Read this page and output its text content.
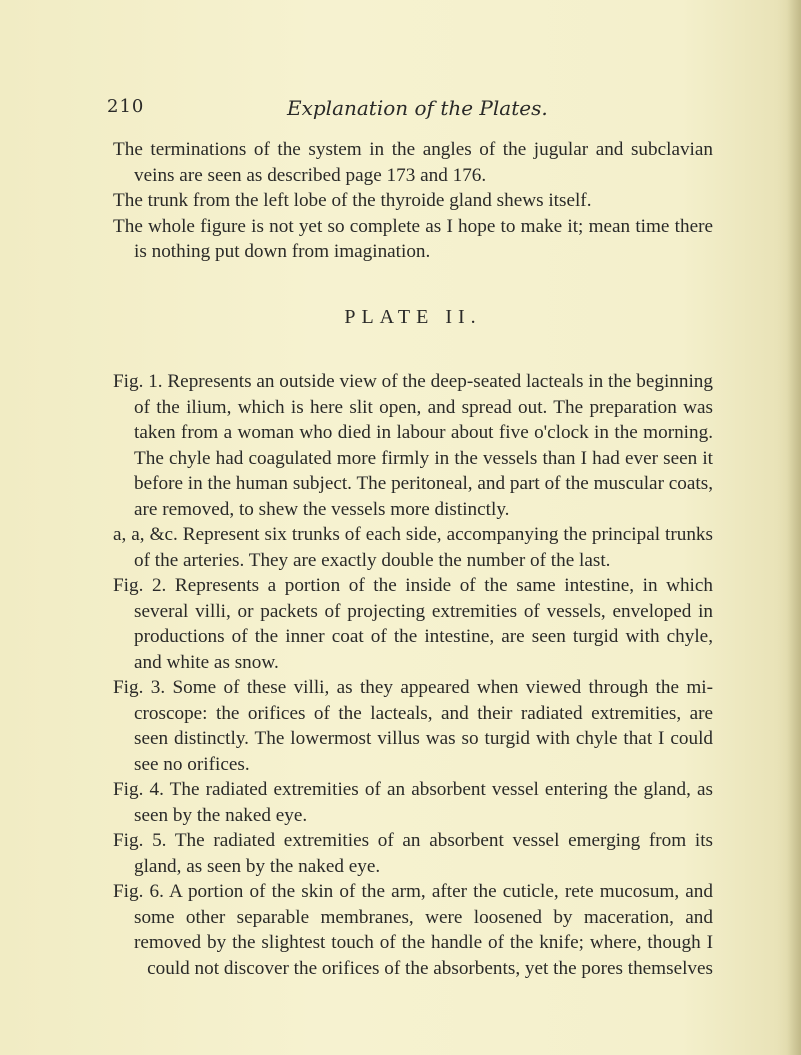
210	Explanation of the Plates.

The terminations of the system in the angles of the jugular and subclavian veins are seen as described page 173 and 176.

The trunk from the left lobe of the thyroide gland shews itself.

The whole figure is not yet so complete as I hope to make it; mean time there is nothing put down from imagination.

PLATE II.

Fig. 1. Represents an outside view of the deep-seated lacteals in the beginning of the ilium, which is here slit open, and spread out. The preparation was taken from a woman who died in labour about five o'clock in the morning. The chyle had coagulated more firmly in the vessels than I had ever seen it before in the human subject. The peritoneal, and part of the muscular coats, are removed, to shew the vessels more distinctly.

a, a, &c. Represent six trunks of each side, accompanying the principal trunks of the arteries. They are exactly double the number of the last.

Fig. 2. Represents a portion of the inside of the same intestine, in which several villi, or packets of projecting extremities of vessels, enveloped in productions of the inner coat of the intestine, are seen turgid with chyle, and white as snow.

Fig. 3. Some of these villi, as they appeared when viewed through the microscope: the orifices of the lacteals, and their radiated extremities, are seen distinctly. The lowermost villus was so turgid with chyle that I could see no orifices.

Fig. 4. The radiated extremities of an absorbent vessel entering the gland, as seen by the naked eye.

Fig. 5. The radiated extremities of an absorbent vessel emerging from its gland, as seen by the naked eye.

Fig. 6. A portion of the skin of the arm, after the cuticle, rete mucosum, and some other separable membranes, were loosened by maceration, and removed by the slightest touch of the handle of the knife; where, though I could not discover the orifices of the absorbents, yet the pores themselves
